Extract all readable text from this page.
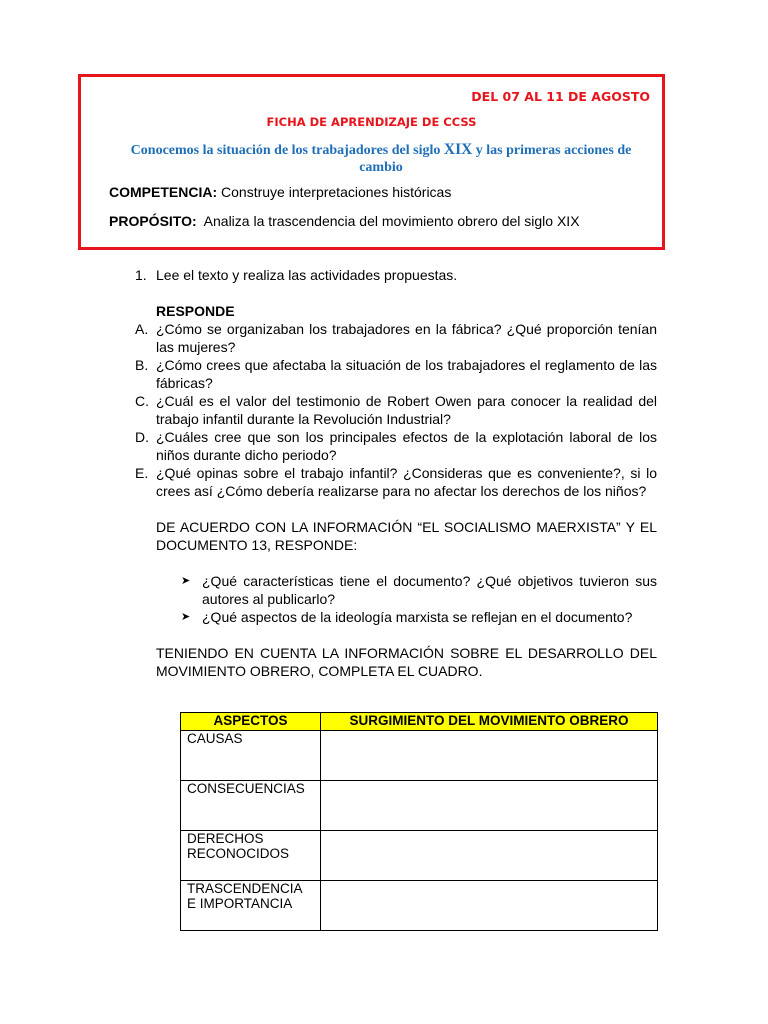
DEL 07 AL 11 DE AGOSTO
FICHA DE APRENDIZAJE DE CCSS
Conocemos la situación de los trabajadores del siglo XIX y las primeras acciones de cambio
COMPETENCIA: Construye interpretaciones históricas
PROPÓSITO:  Analiza la trascendencia del movimiento obrero del siglo XIX
1. Lee el texto y realiza las actividades propuestas.
RESPONDE
A. ¿Cómo se organizaban los trabajadores en la fábrica? ¿Qué proporción tenían las mujeres?
B. ¿Cómo crees que afectaba la situación de los trabajadores el reglamento de las fábricas?
C. ¿Cuál es el valor del testimonio de Robert Owen para conocer la realidad del trabajo infantil durante la Revolución Industrial?
D. ¿Cuáles cree que son los principales efectos de la explotación laboral de los niños durante dicho periodo?
E. ¿Qué opinas sobre el trabajo infantil? ¿Consideras que es conveniente?, si lo crees así ¿Cómo debería realizarse para no afectar los derechos de los niños?
DE ACUERDO CON LA INFORMACIÓN “EL SOCIALISMO MAERXISTA” Y EL DOCUMENTO 13, RESPONDE:
➤ ¿Qué características tiene el documento? ¿Qué objetivos tuvieron sus autores al publicarlo?
➤ ¿Qué aspectos de la ideología marxista se reflejan en el documento?
TENIENDO EN CUENTA LA INFORMACIÓN SOBRE EL DESARROLLO DEL MOVIMIENTO OBRERO, COMPLETA EL CUADRO.
ASPECTOS	SURGIMIENTO DEL MOVIMIENTO OBRERO
CAUSAS	
CONSECUENCIAS	
DERECHOS RECONOCIDOS	
TRASCENDENCIA E IMPORTANCIA	
